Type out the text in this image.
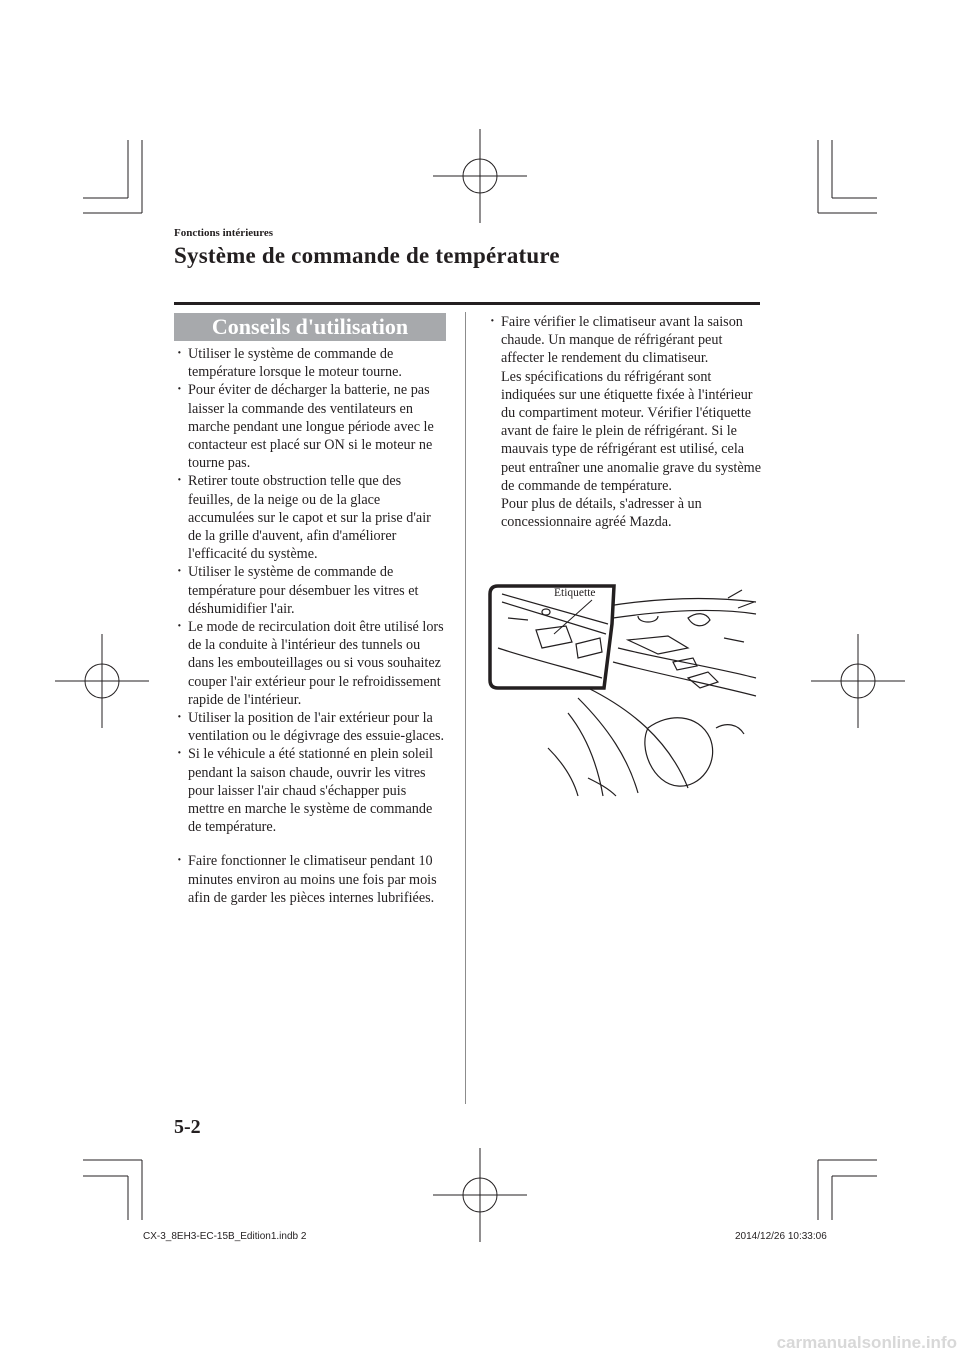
Fonctions intérieures
Système de commande de température
Conseils d'utilisation

· Utiliser le système de commande de température lorsque le moteur tourne.

· Pour éviter de décharger la batterie, ne pas laisser la commande des ventilateurs en marche pendant une longue période avec le contacteur est placé sur ON si le moteur ne tourne pas.

· Retirer toute obstruction telle que des feuilles, de la neige ou de la glace accumulées sur le capot et sur la prise d'air de la grille d'auvent, afin d'améliorer l'efficacité du système.

· Utiliser le système de commande de température pour désembuer les vitres et déshumidifier l'air.

· Le mode de recirculation doit être utilisé lors de la conduite à l'intérieur des tunnels ou dans les embouteillages ou si vous souhaitez couper l'air extérieur pour le refroidissement rapide de l'intérieur.

· Utiliser la position de l'air extérieur pour la ventilation ou le dégivrage des essuie-glaces.

· Si le véhicule a été stationné en plein soleil pendant la saison chaude, ouvrir les vitres pour laisser l'air chaud s'échapper puis mettre en marche le système de commande de température.

· Faire fonctionner le climatiseur pendant 10 minutes environ au moins une fois par mois afin de garder les pièces internes lubrifiées.

· Faire vérifier le climatiseur avant la saison chaude. Un manque de réfrigérant peut affecter le rendement du climatiseur.
Les spécifications du réfrigérant sont indiquées sur une étiquette fixée à l'intérieur du compartiment moteur. Vérifier l'étiquette avant de faire le plein de réfrigérant. Si le mauvais type de réfrigérant est utilisé, cela peut entraîner une anomalie grave du système de commande de température.
Pour plus de détails, s'adresser à un concessionnaire agréé Mazda.
Etiquette
5-2
CX-3_8EH3-EC-15B_Edition1.indb 2	2014/12/26 10:33:06
carmanualsonline.info
